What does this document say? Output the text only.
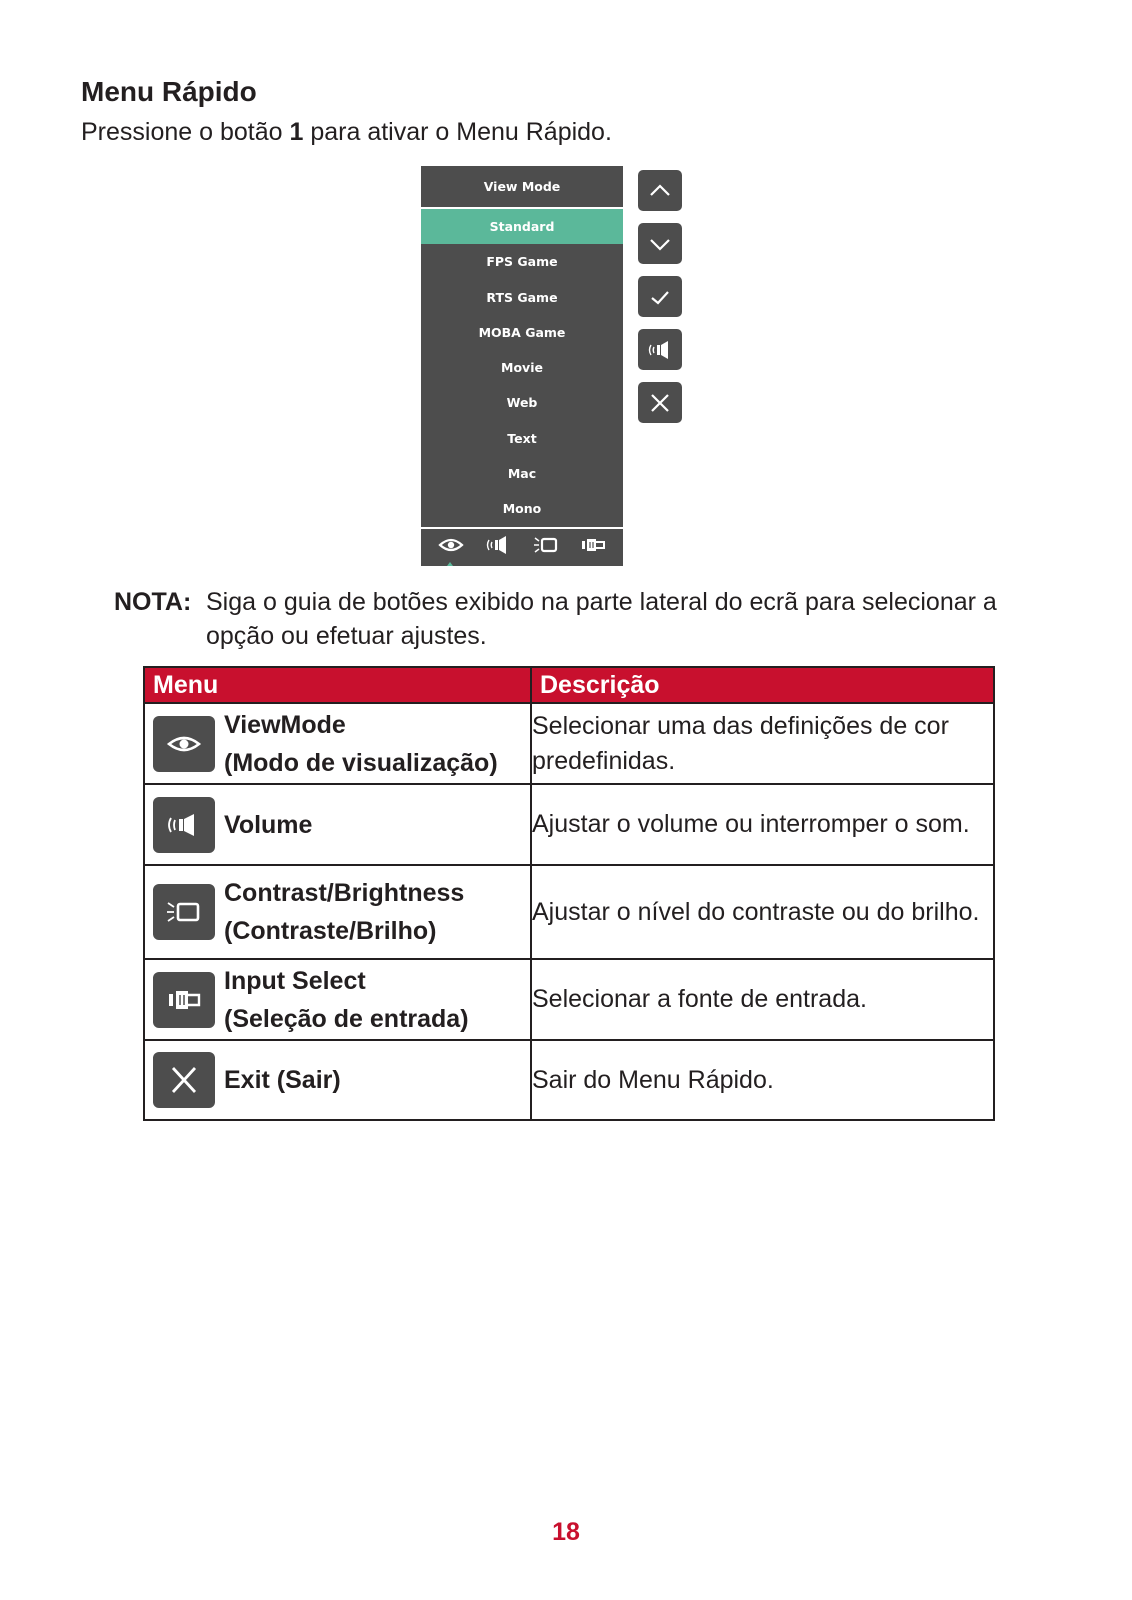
Menu Rápido

Pressione o botão 1 para ativar o Menu Rápido.

View Mode
Standard
FPS Game
RTS Game
MOBA Game
Movie
Web
Text
Mac
Mono
NOTA: Siga o guia de botões exibido na parte lateral do ecrã para selecionar a opção ou efetuar ajustes.
Menu	Descrição

ViewMode
(Modo de visualização)	Selecionar uma das definições de cor predefinidas.

Volume	Ajustar o volume ou interromper o som.

Contrast/Brightness
(Contraste/Brilho)	Ajustar o nível do contraste ou do brilho.

Input Select
(Seleção de entrada)	Selecionar a fonte de entrada.

Exit (Sair)	Sair do Menu Rápido.
18
